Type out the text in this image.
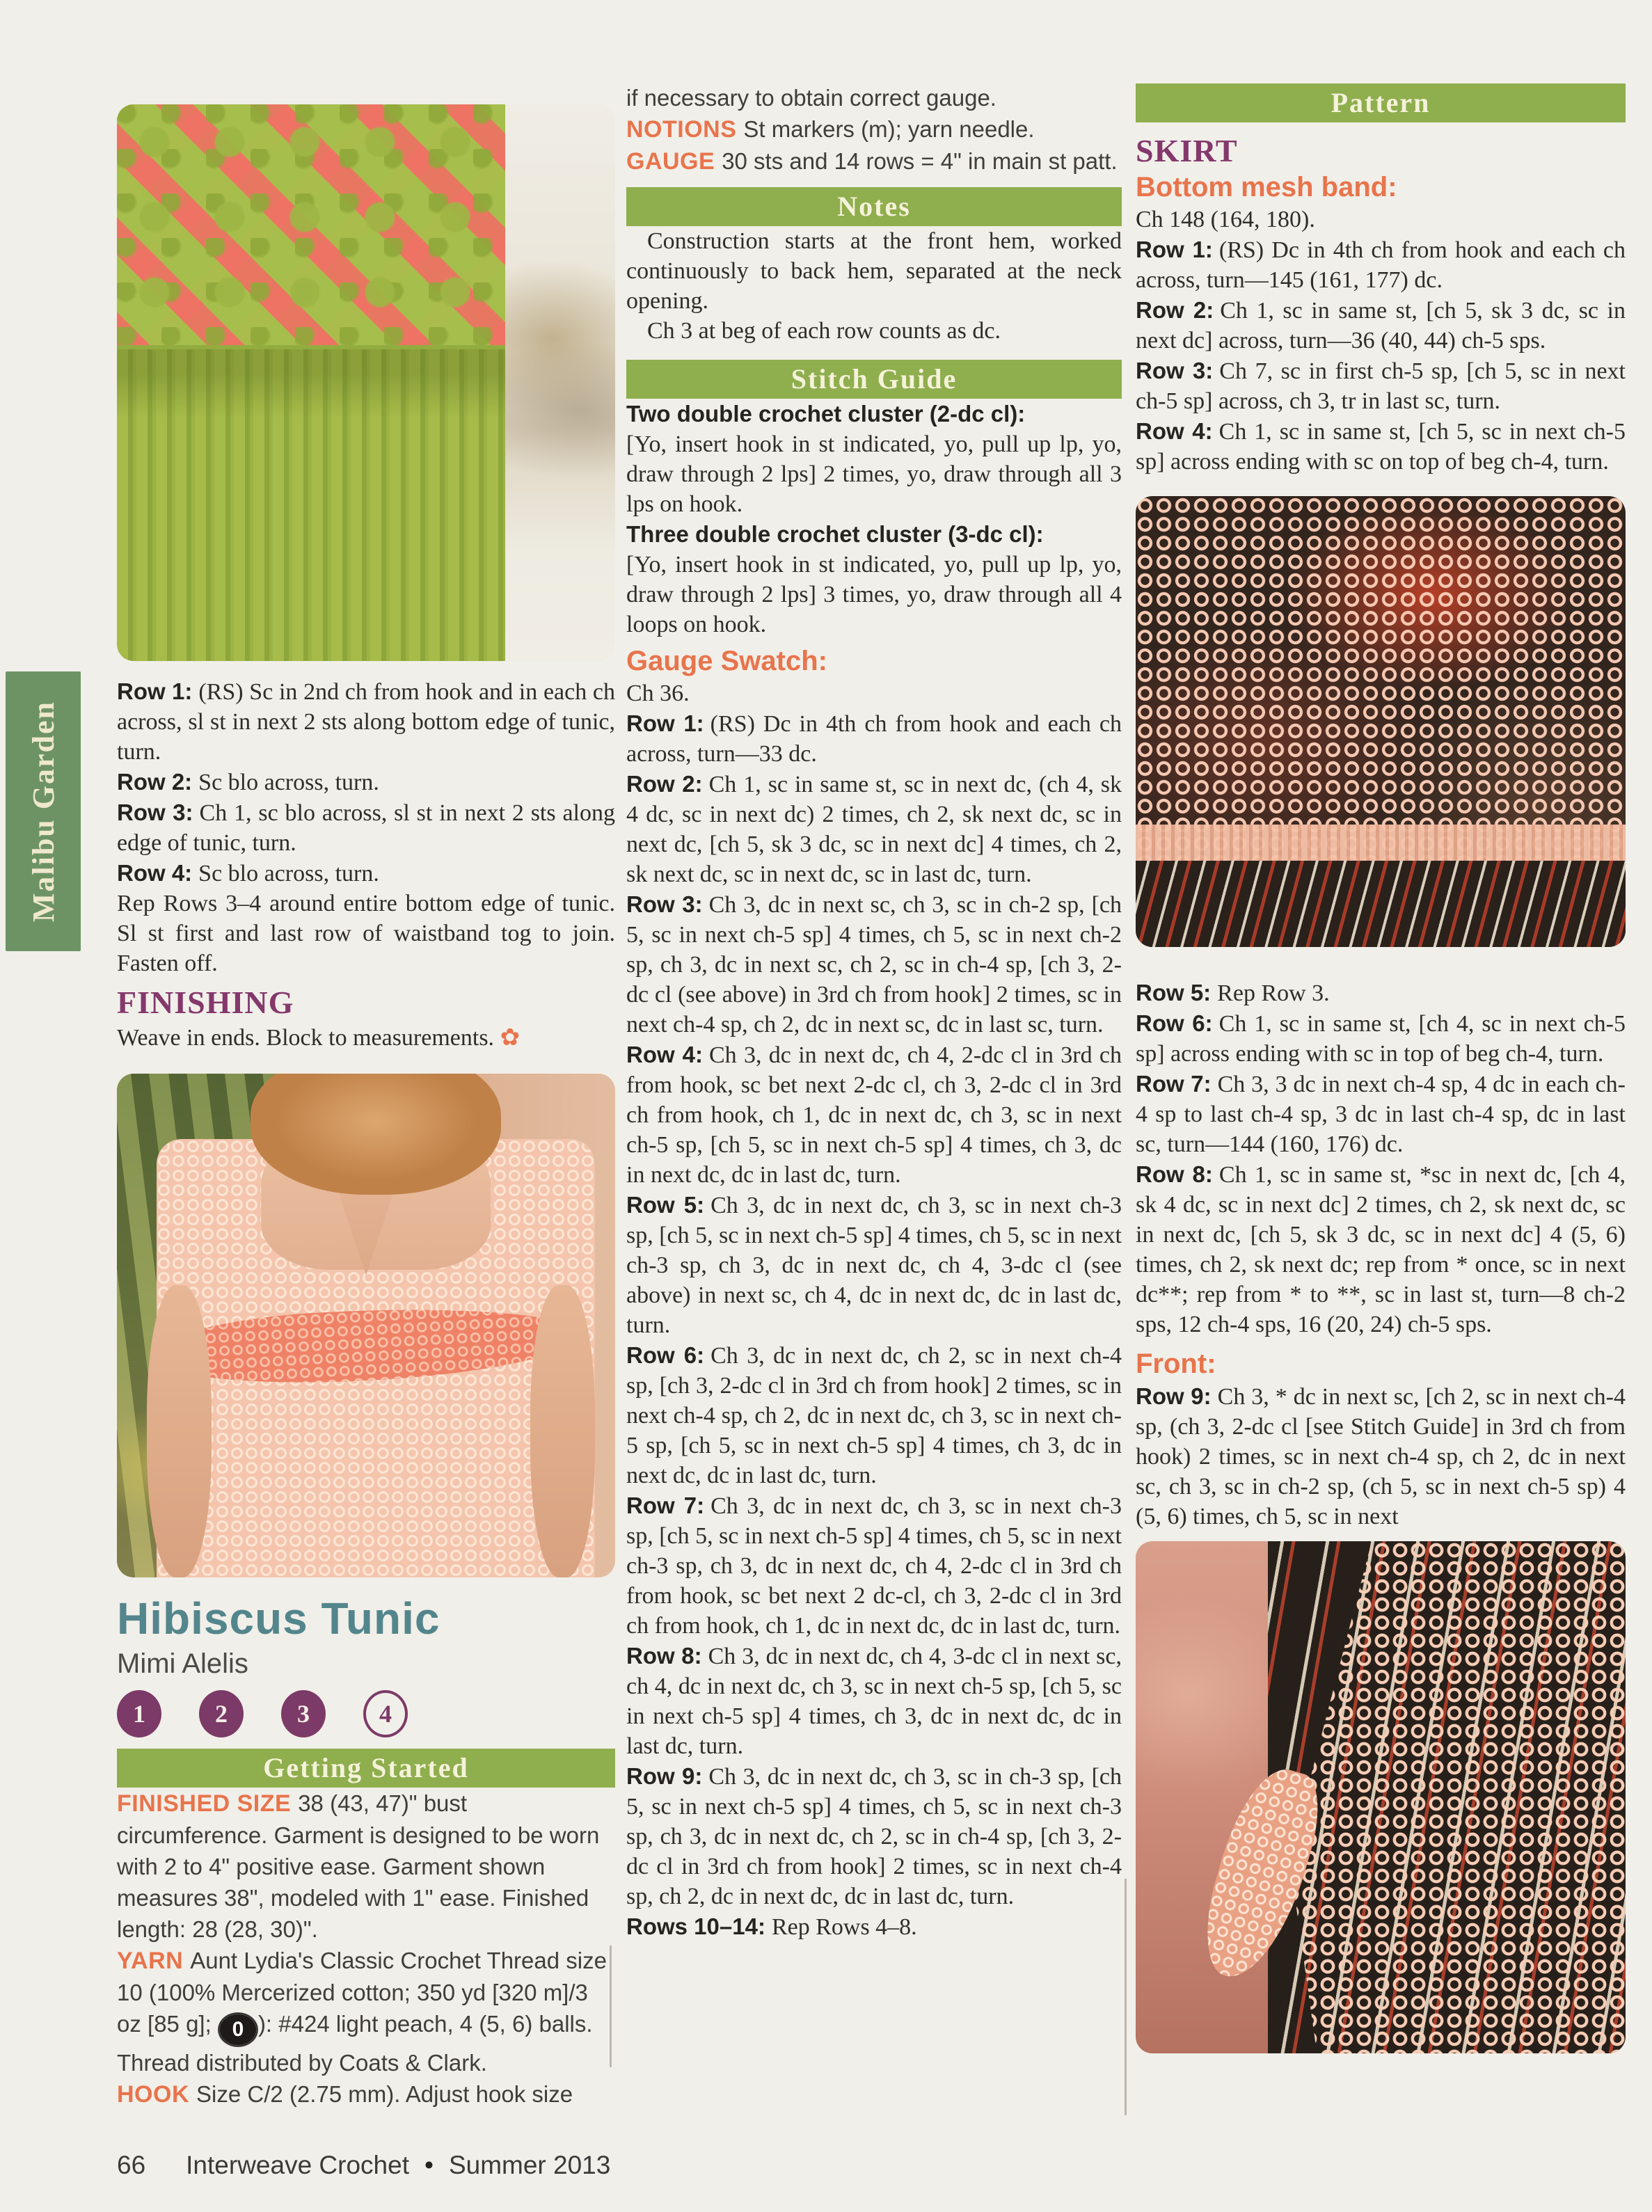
Malibu Garden

Row 1: (RS) Sc in 2nd ch from hook and in each ch across, sl st in next 2 sts along bottom edge of tunic, turn.

Row 2: Sc blo across, turn.

Row 3: Ch 1, sc blo across, sl st in next 2 sts along edge of tunic, turn.

Row 4: Sc blo across, turn.

Rep Rows 3–4 around entire bottom edge of tunic. Sl st first and last row of waistband tog to join. Fasten off.

FINISHING

Weave in ends. Block to measurements. ✿

Hibiscus Tunic
Mimi Alelis
1	2	3	4
Getting Started

FINISHED SIZE 38 (43, 47)" bust circumference. Garment is designed to be worn with 2 to 4" positive ease. Garment shown measures 38", modeled with 1" ease. Finished length: 28 (28, 30)".

YARN Aunt Lydia's Classic Crochet Thread size 10 (100% Mercerized cotton; 350 yd [320 m]/3 oz [85 g]; 0 ): #424 light peach, 4 (5, 6) balls. Thread distributed by Coats & Clark.

HOOK Size C/2 (2.75 mm). Adjust hook size

if necessary to obtain correct gauge.

NOTIONS St markers (m); yarn needle.

GAUGE 30 sts and 14 rows = 4" in main st patt.

Notes

Construction starts at the front hem, worked continuously to back hem, separated at the neck opening.

Ch 3 at beg of each row counts as dc.

Stitch Guide

Two double crochet cluster (2-dc cl):
[Yo, insert hook in st indicated, yo, pull up lp, yo, draw through 2 lps] 2 times, yo, draw through all 3 lps on hook.

Three double crochet cluster (3-dc cl):
[Yo, insert hook in st indicated, yo, pull up lp, yo, draw through 2 lps] 3 times, yo, draw through all 4 loops on hook.

Gauge Swatch:

Ch 36.

Row 1: (RS) Dc in 4th ch from hook and each ch across, turn—33 dc.

Row 2: Ch 1, sc in same st, sc in next dc, (ch 4, sk 4 dc, sc in next dc) 2 times, ch 2, sk next dc, sc in next dc, [ch 5, sk 3 dc, sc in next dc] 4 times, ch 2, sk next dc, sc in next dc, sc in last dc, turn.

Row 3: Ch 3, dc in next sc, ch 3, sc in ch-2 sp, [ch 5, sc in next ch-5 sp] 4 times, ch 5, sc in next ch-2 sp, ch 3, dc in next sc, ch 2, sc in ch-4 sp, [ch 3, 2-dc cl (see above) in 3rd ch from hook] 2 times, sc in next ch-4 sp, ch 2, dc in next sc, dc in last sc, turn.

Row 4: Ch 3, dc in next dc, ch 4, 2-dc cl in 3rd ch from hook, sc bet next 2-dc cl, ch 3, 2-dc cl in 3rd ch from hook, ch 1, dc in next dc, ch 3, sc in next ch-5 sp, [ch 5, sc in next ch-5 sp] 4 times, ch 3, dc in next dc, dc in last dc, turn.

Row 5: Ch 3, dc in next dc, ch 3, sc in next ch-3 sp, [ch 5, sc in next ch-5 sp] 4 times, ch 5, sc in next ch-3 sp, ch 3, dc in next dc, ch 4, 3-dc cl (see above) in next sc, ch 4, dc in next dc, dc in last dc, turn.

Row 6: Ch 3, dc in next dc, ch 2, sc in next ch-4 sp, [ch 3, 2-dc cl in 3rd ch from hook] 2 times, sc in next ch-4 sp, ch 2, dc in next dc, ch 3, sc in next ch-5 sp, [ch 5, sc in next ch-5 sp] 4 times, ch 3, dc in next dc, dc in last dc, turn.

Row 7: Ch 3, dc in next dc, ch 3, sc in next ch-3 sp, [ch 5, sc in next ch-5 sp] 4 times, ch 5, sc in next ch-3 sp, ch 3, dc in next dc, ch 4, 2-dc cl in 3rd ch from hook, sc bet next 2 dc-cl, ch 3, 2-dc cl in 3rd ch from hook, ch 1, dc in next dc, dc in last dc, turn.

Row 8: Ch 3, dc in next dc, ch 4, 3-dc cl in next sc, ch 4, dc in next dc, ch 3, sc in next ch-5 sp, [ch 5, sc in next ch-5 sp] 4 times, ch 3, dc in next dc, dc in last dc, turn.

Row 9: Ch 3, dc in next dc, ch 3, sc in ch-3 sp, [ch 5, sc in next ch-5 sp] 4 times, ch 5, sc in next ch-3 sp, ch 3, dc in next dc, ch 2, sc in ch-4 sp, [ch 3, 2-dc cl in 3rd ch from hook] 2 times, sc in next ch-4 sp, ch 2, dc in next dc, dc in last dc, turn.

Rows 10–14: Rep Rows 4–8.

Pattern
SKIRT
Bottom mesh band:

Ch 148 (164, 180).

Row 1: (RS) Dc in 4th ch from hook and each ch across, turn—145 (161, 177) dc.

Row 2: Ch 1, sc in same st, [ch 5, sk 3 dc, sc in next dc] across, turn—36 (40, 44) ch-5 sps.

Row 3: Ch 7, sc in first ch-5 sp, [ch 5, sc in next ch-5 sp] across, ch 3, tr in last sc, turn.

Row 4: Ch 1, sc in same st, [ch 5, sc in next ch-5 sp] across ending with sc on top of beg ch-4, turn.

Row 5: Rep Row 3.

Row 6: Ch 1, sc in same st, [ch 4, sc in next ch-5 sp] across ending with sc in top of beg ch-4, turn.

Row 7: Ch 3, 3 dc in next ch-4 sp, 4 dc in each ch-4 sp to last ch-4 sp, 3 dc in last ch-4 sp, dc in last sc, turn—144 (160, 176) dc.

Row 8: Ch 1, sc in same st, *sc in next dc, [ch 4, sk 4 dc, sc in next dc] 2 times, ch 2, sk next dc, sc in next dc, [ch 5, sk 3 dc, sc in next dc] 4 (5, 6) times, ch 2, sk next dc; rep from * once, sc in next dc**; rep from * to **, sc in last st, turn—8 ch-2 sps, 12 ch-4 sps, 16 (20, 24) ch-5 sps.

Front:

Row 9: Ch 3, * dc in next sc, [ch 2, sc in next ch-4 sp, (ch 3, 2-dc cl [see Stitch Guide] in 3rd ch from hook) 2 times, sc in next ch-4 sp, ch 2, dc in next sc, ch 3, sc in ch-2 sp, (ch 5, sc in next ch-5 sp) 4 (5, 6) times, ch 5, sc in next

66 Interweave Crochet • Summer 2013
